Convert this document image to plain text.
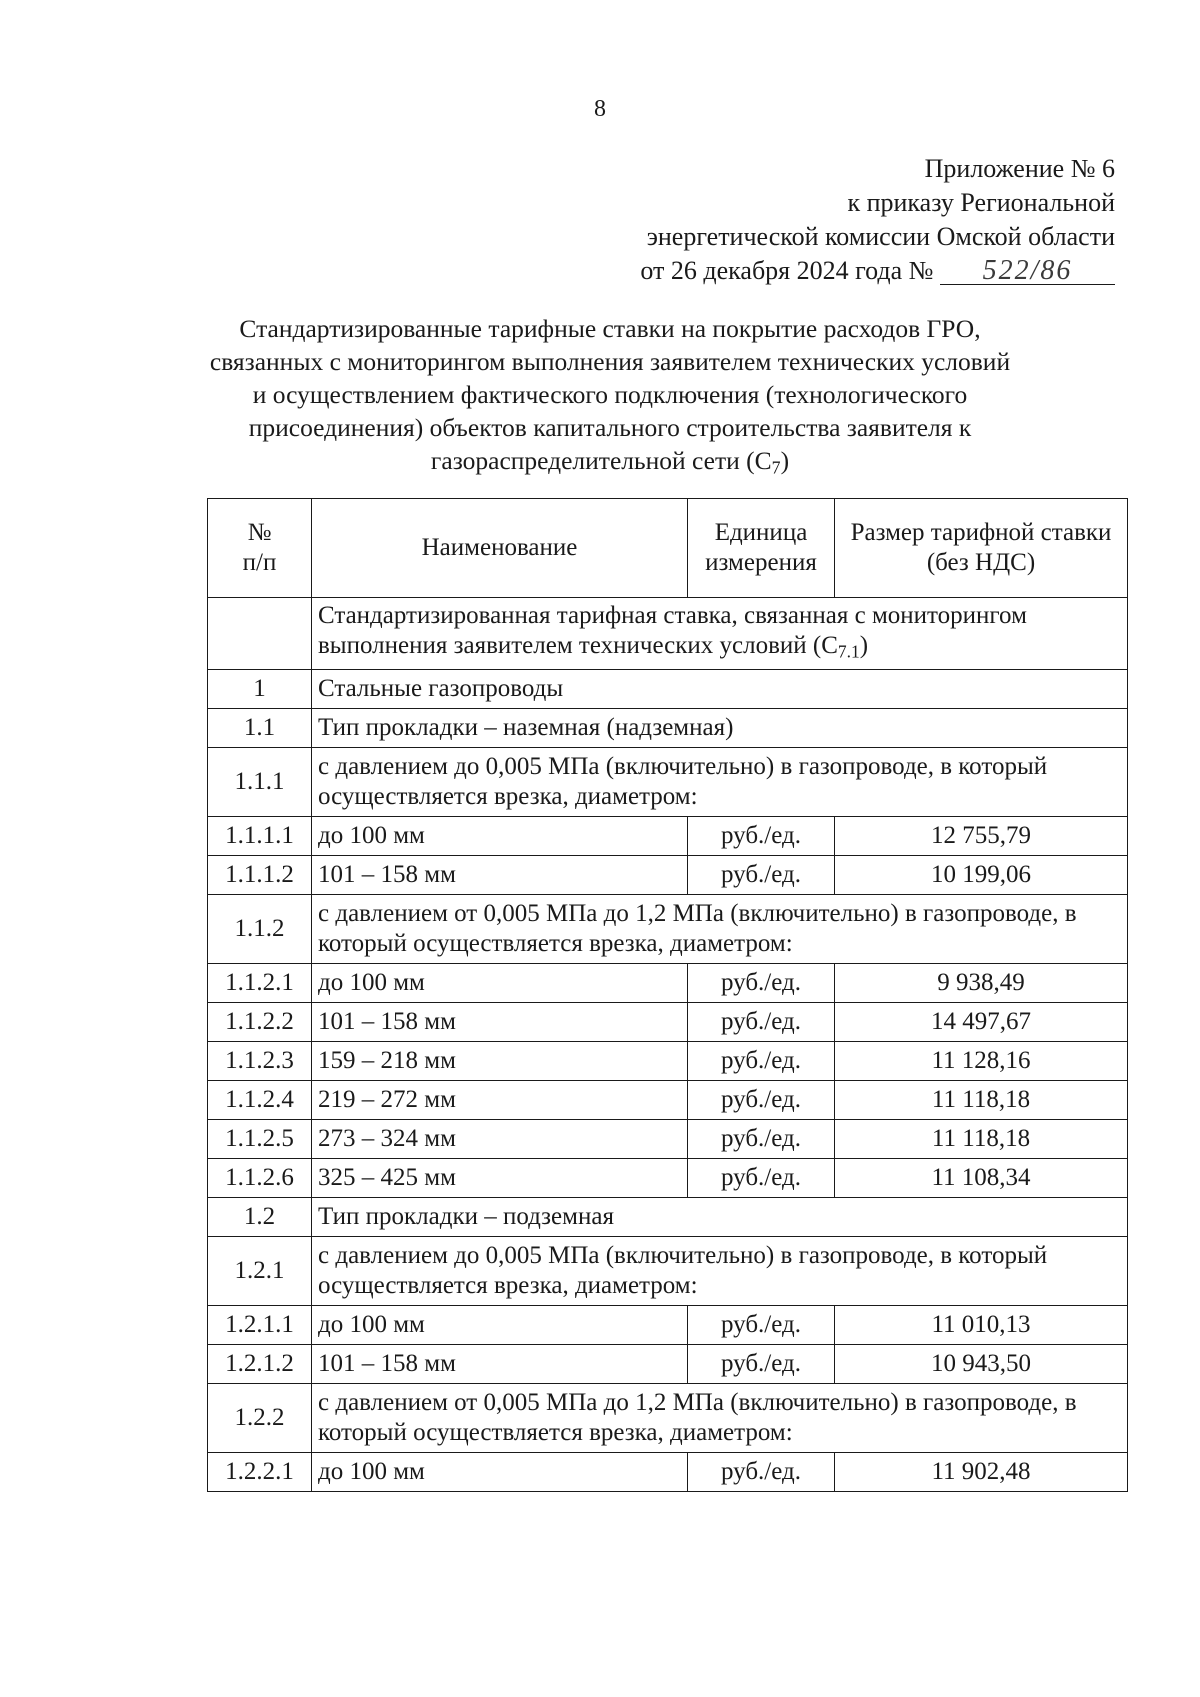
8
Приложение № 6
к приказу Региональной
энергетической комиссии Омской области
от 26 декабря 2024 года № 522/86
Стандартизированные тарифные ставки на покрытие расходов ГРО, связанных с мониторингом выполнения заявителем технических условий и осуществлением фактического подключения (технологического присоединения) объектов капитального строительства заявителя к газораспределительной сети $(С_7)$
№
п/п	Наименование	Единица измерения	Размер тарифной ставки (без НДС)
	Стандартизированная тарифная ставка, связанная с мониторингом выполнения заявителем технических условий $(С_{7.1})$		
1	Стальные газопроводы		
1.1	Тип прокладки – наземная (надземная)		
1.1.1	с давлением до 0,005 МПа (включительно) в газопроводе, в который осуществляется врезка, диаметром:		
1.1.1.1	до 100 мм	руб./ед.	12 755,79
1.1.1.2	101 – 158 мм	руб./ед.	10 199,06
1.1.2	с давлением от 0,005 МПа до 1,2 МПа (включительно) в газопроводе, в который осуществляется врезка, диаметром:		
1.1.2.1	до 100 мм	руб./ед.	9 938,49
1.1.2.2	101 – 158 мм	руб./ед.	14 497,67
1.1.2.3	159 – 218 мм	руб./ед.	11 128,16
1.1.2.4	219 – 272 мм	руб./ед.	11 118,18
1.1.2.5	273 – 324 мм	руб./ед.	11 118,18
1.1.2.6	325 – 425 мм	руб./ед.	11 108,34
1.2	Тип прокладки – подземная		
1.2.1	с давлением до 0,005 МПа (включительно) в газопроводе, в который осуществляется врезка, диаметром:		
1.2.1.1	до 100 мм	руб./ед.	11 010,13
1.2.1.2	101 – 158 мм	руб./ед.	10 943,50
1.2.2	с давлением от 0,005 МПа до 1,2 МПа (включительно) в газопроводе, в который осуществляется врезка, диаметром:		
1.2.2.1	до 100 мм	руб./ед.	11 902,48
